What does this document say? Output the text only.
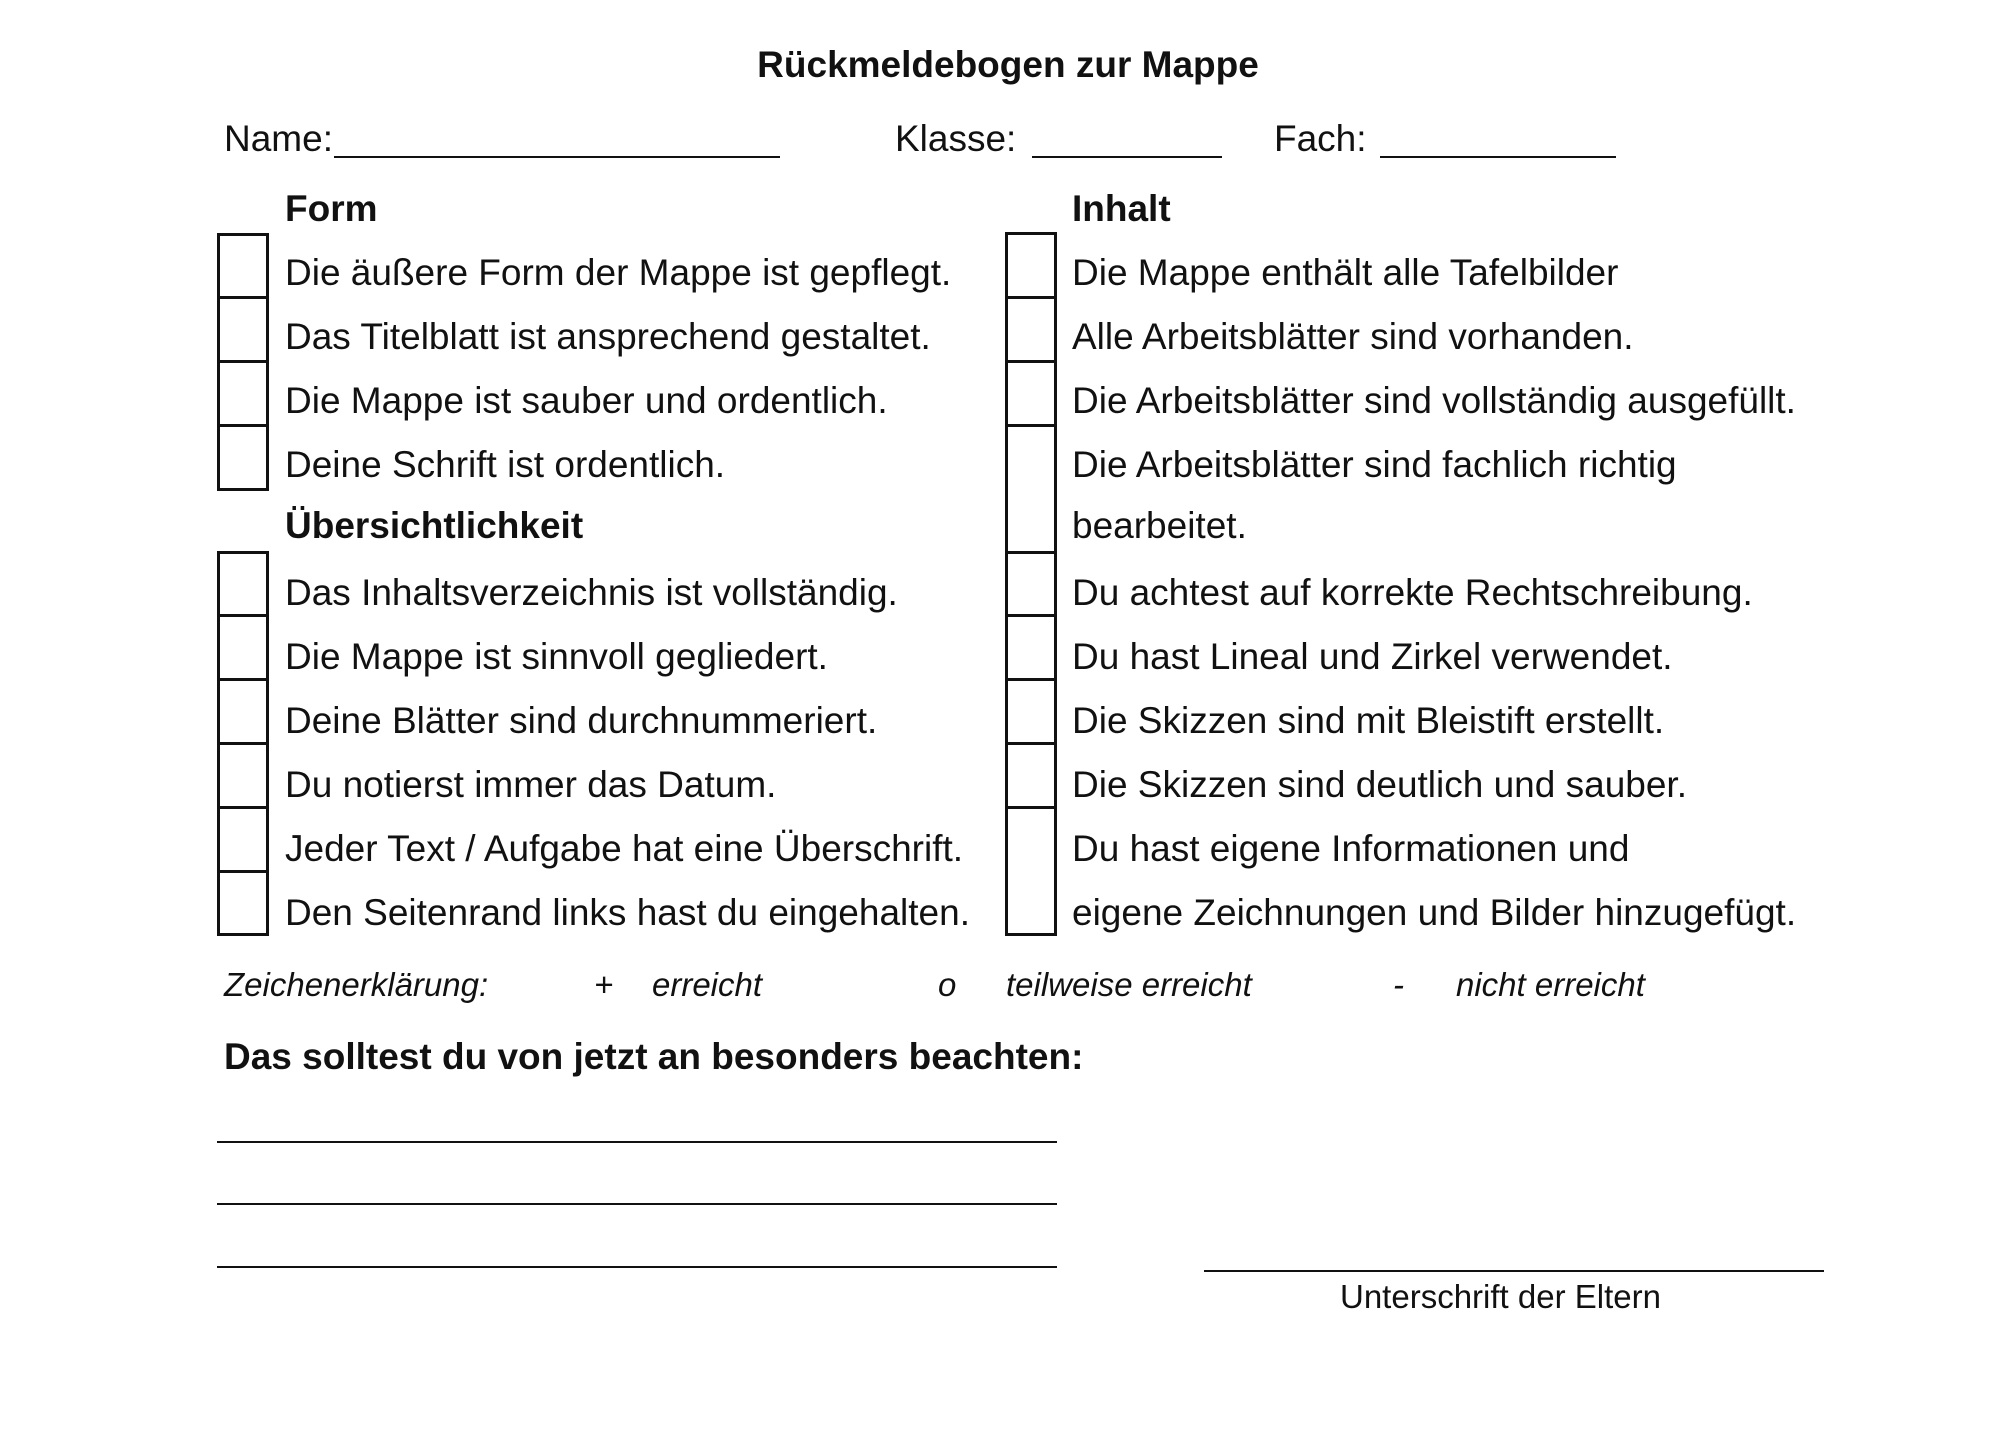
Rückmeldebogen zur Mappe
Name:	Klasse:	Fach:
Form
Die äußere Form der Mappe ist gepflegt.
Das Titelblatt ist ansprechend gestaltet.
Die Mappe ist sauber und ordentlich.
Deine Schrift ist ordentlich.
Übersichtlichkeit
Das Inhaltsverzeichnis ist vollständig.
Die Mappe ist sinnvoll gegliedert.
Deine Blätter sind durchnummeriert.
Du notierst immer das Datum.
Jeder Text / Aufgabe hat eine Überschrift.
Den Seitenrand links hast du eingehalten.
Inhalt
Die Mappe enthält alle Tafelbilder
Alle Arbeitsblätter sind vorhanden.
Die Arbeitsblätter sind vollständig ausgefüllt.
Die Arbeitsblätter sind fachlich richtig
bearbeitet.
Du achtest auf korrekte Rechtschreibung.
Du hast Lineal und Zirkel verwendet.
Die Skizzen sind mit Bleistift erstellt.
Die Skizzen sind deutlich und sauber.
Du hast eigene Informationen und
eigene Zeichnungen und Bilder hinzugefügt.
Zeichenerklärung:	+ erreicht	o teilweise erreicht	- nicht erreicht
Das solltest du von jetzt an besonders beachten:
Unterschrift der Eltern
